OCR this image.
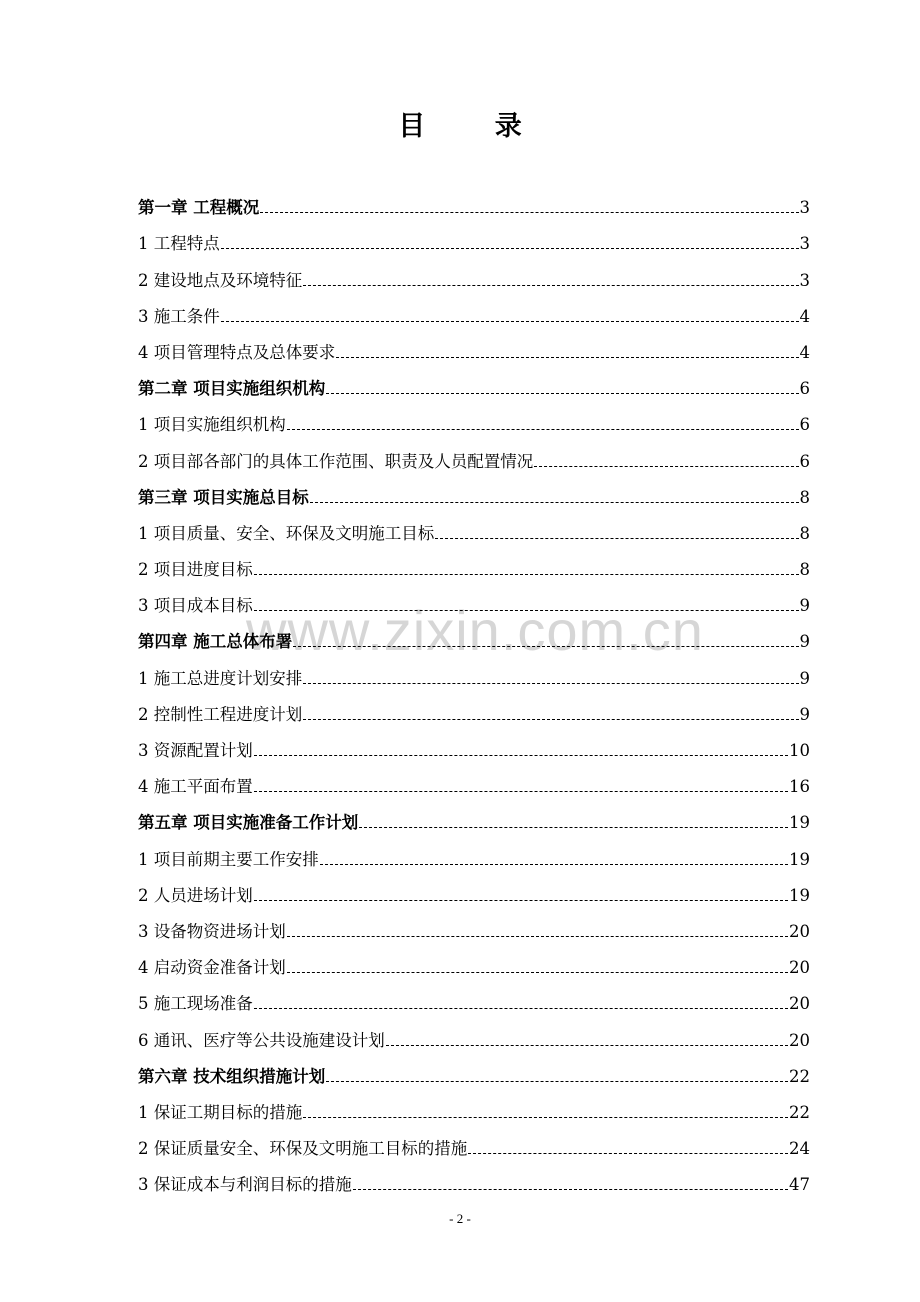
目 录
www.zixin.com.cn
第一章 工程概况	3
1 工程特点	3
2 建设地点及环境特征	3
3 施工条件	4
4 项目管理特点及总体要求	4
第二章 项目实施组织机构	6
1 项目实施组织机构	6
2 项目部各部门的具体工作范围、职责及人员配置情况	6
第三章 项目实施总目标	8
1 项目质量、安全、环保及文明施工目标	8
2 项目进度目标	8
3 项目成本目标	9
第四章 施工总体布署	9
1 施工总进度计划安排	9
2 控制性工程进度计划	9
3 资源配置计划	10
4 施工平面布置	16
第五章 项目实施准备工作计划	19
1 项目前期主要工作安排	19
2 人员进场计划	19
3 设备物资进场计划	20
4 启动资金准备计划	20
5 施工现场准备	20
6 通讯、医疗等公共设施建设计划	20
第六章 技术组织措施计划	22
1 保证工期目标的措施	22
2 保证质量安全、环保及文明施工目标的措施	24
3 保证成本与利润目标的措施	47
- 2 -
